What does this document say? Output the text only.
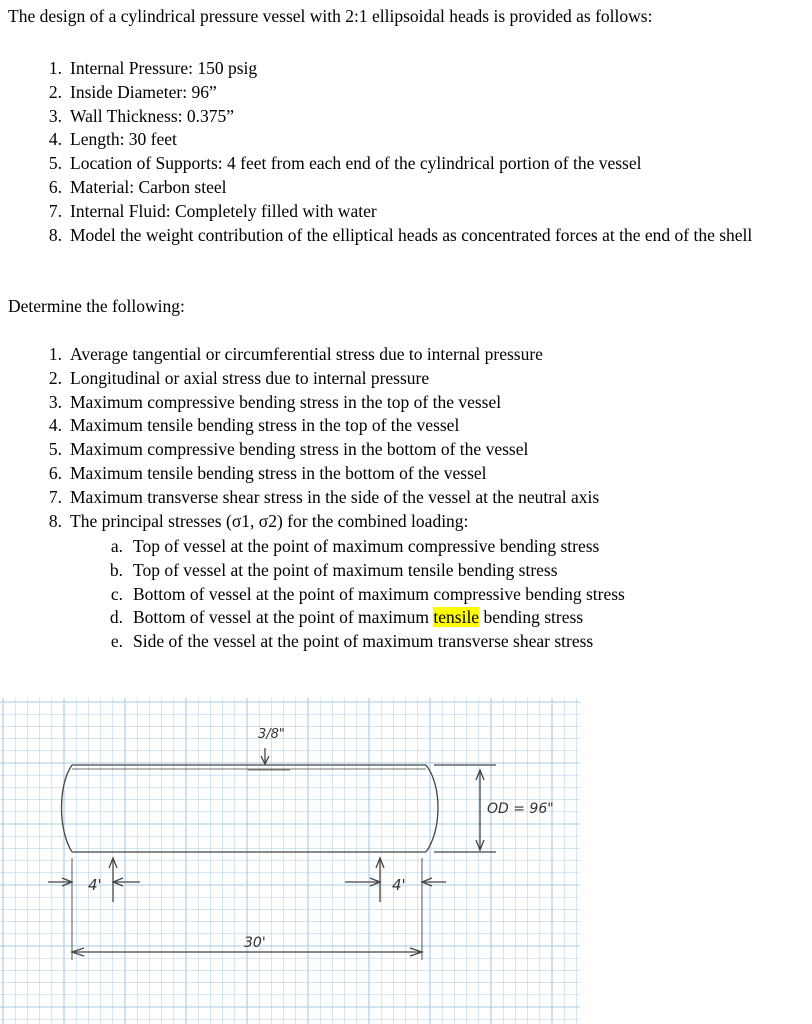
The design of a cylindrical pressure vessel with 2:1 ellipsoidal heads is provided as follows:
1. Internal Pressure: 150 psig
2. Inside Diameter: 96”
3. Wall Thickness: 0.375”
4. Length: 30 feet
5. Location of Supports: 4 feet from each end of the cylindrical portion of the vessel
6. Material: Carbon steel
7. Internal Fluid: Completely filled with water
8. Model the weight contribution of the elliptical heads as concentrated forces at the end of the shell
Determine the following:
1. Average tangential or circumferential stress due to internal pressure
2. Longitudinal or axial stress due to internal pressure
3. Maximum compressive bending stress in the top of the vessel
4. Maximum tensile bending stress in the top of the vessel
5. Maximum compressive bending stress in the bottom of the vessel
6. Maximum tensile bending stress in the bottom of the vessel
7. Maximum transverse shear stress in the side of the vessel at the neutral axis
8. The principal stresses (σ1, σ2) for the combined loading:
a. Top of vessel at the point of maximum compressive bending stress
b. Top of vessel at the point of maximum tensile bending stress
c. Bottom of vessel at the point of maximum compressive bending stress
d. Bottom of vessel at the point of maximum tensile bending stress
e. Side of the vessel at the point of maximum transverse shear stress
3/8"
OD = 96"
4'	4'
30'
